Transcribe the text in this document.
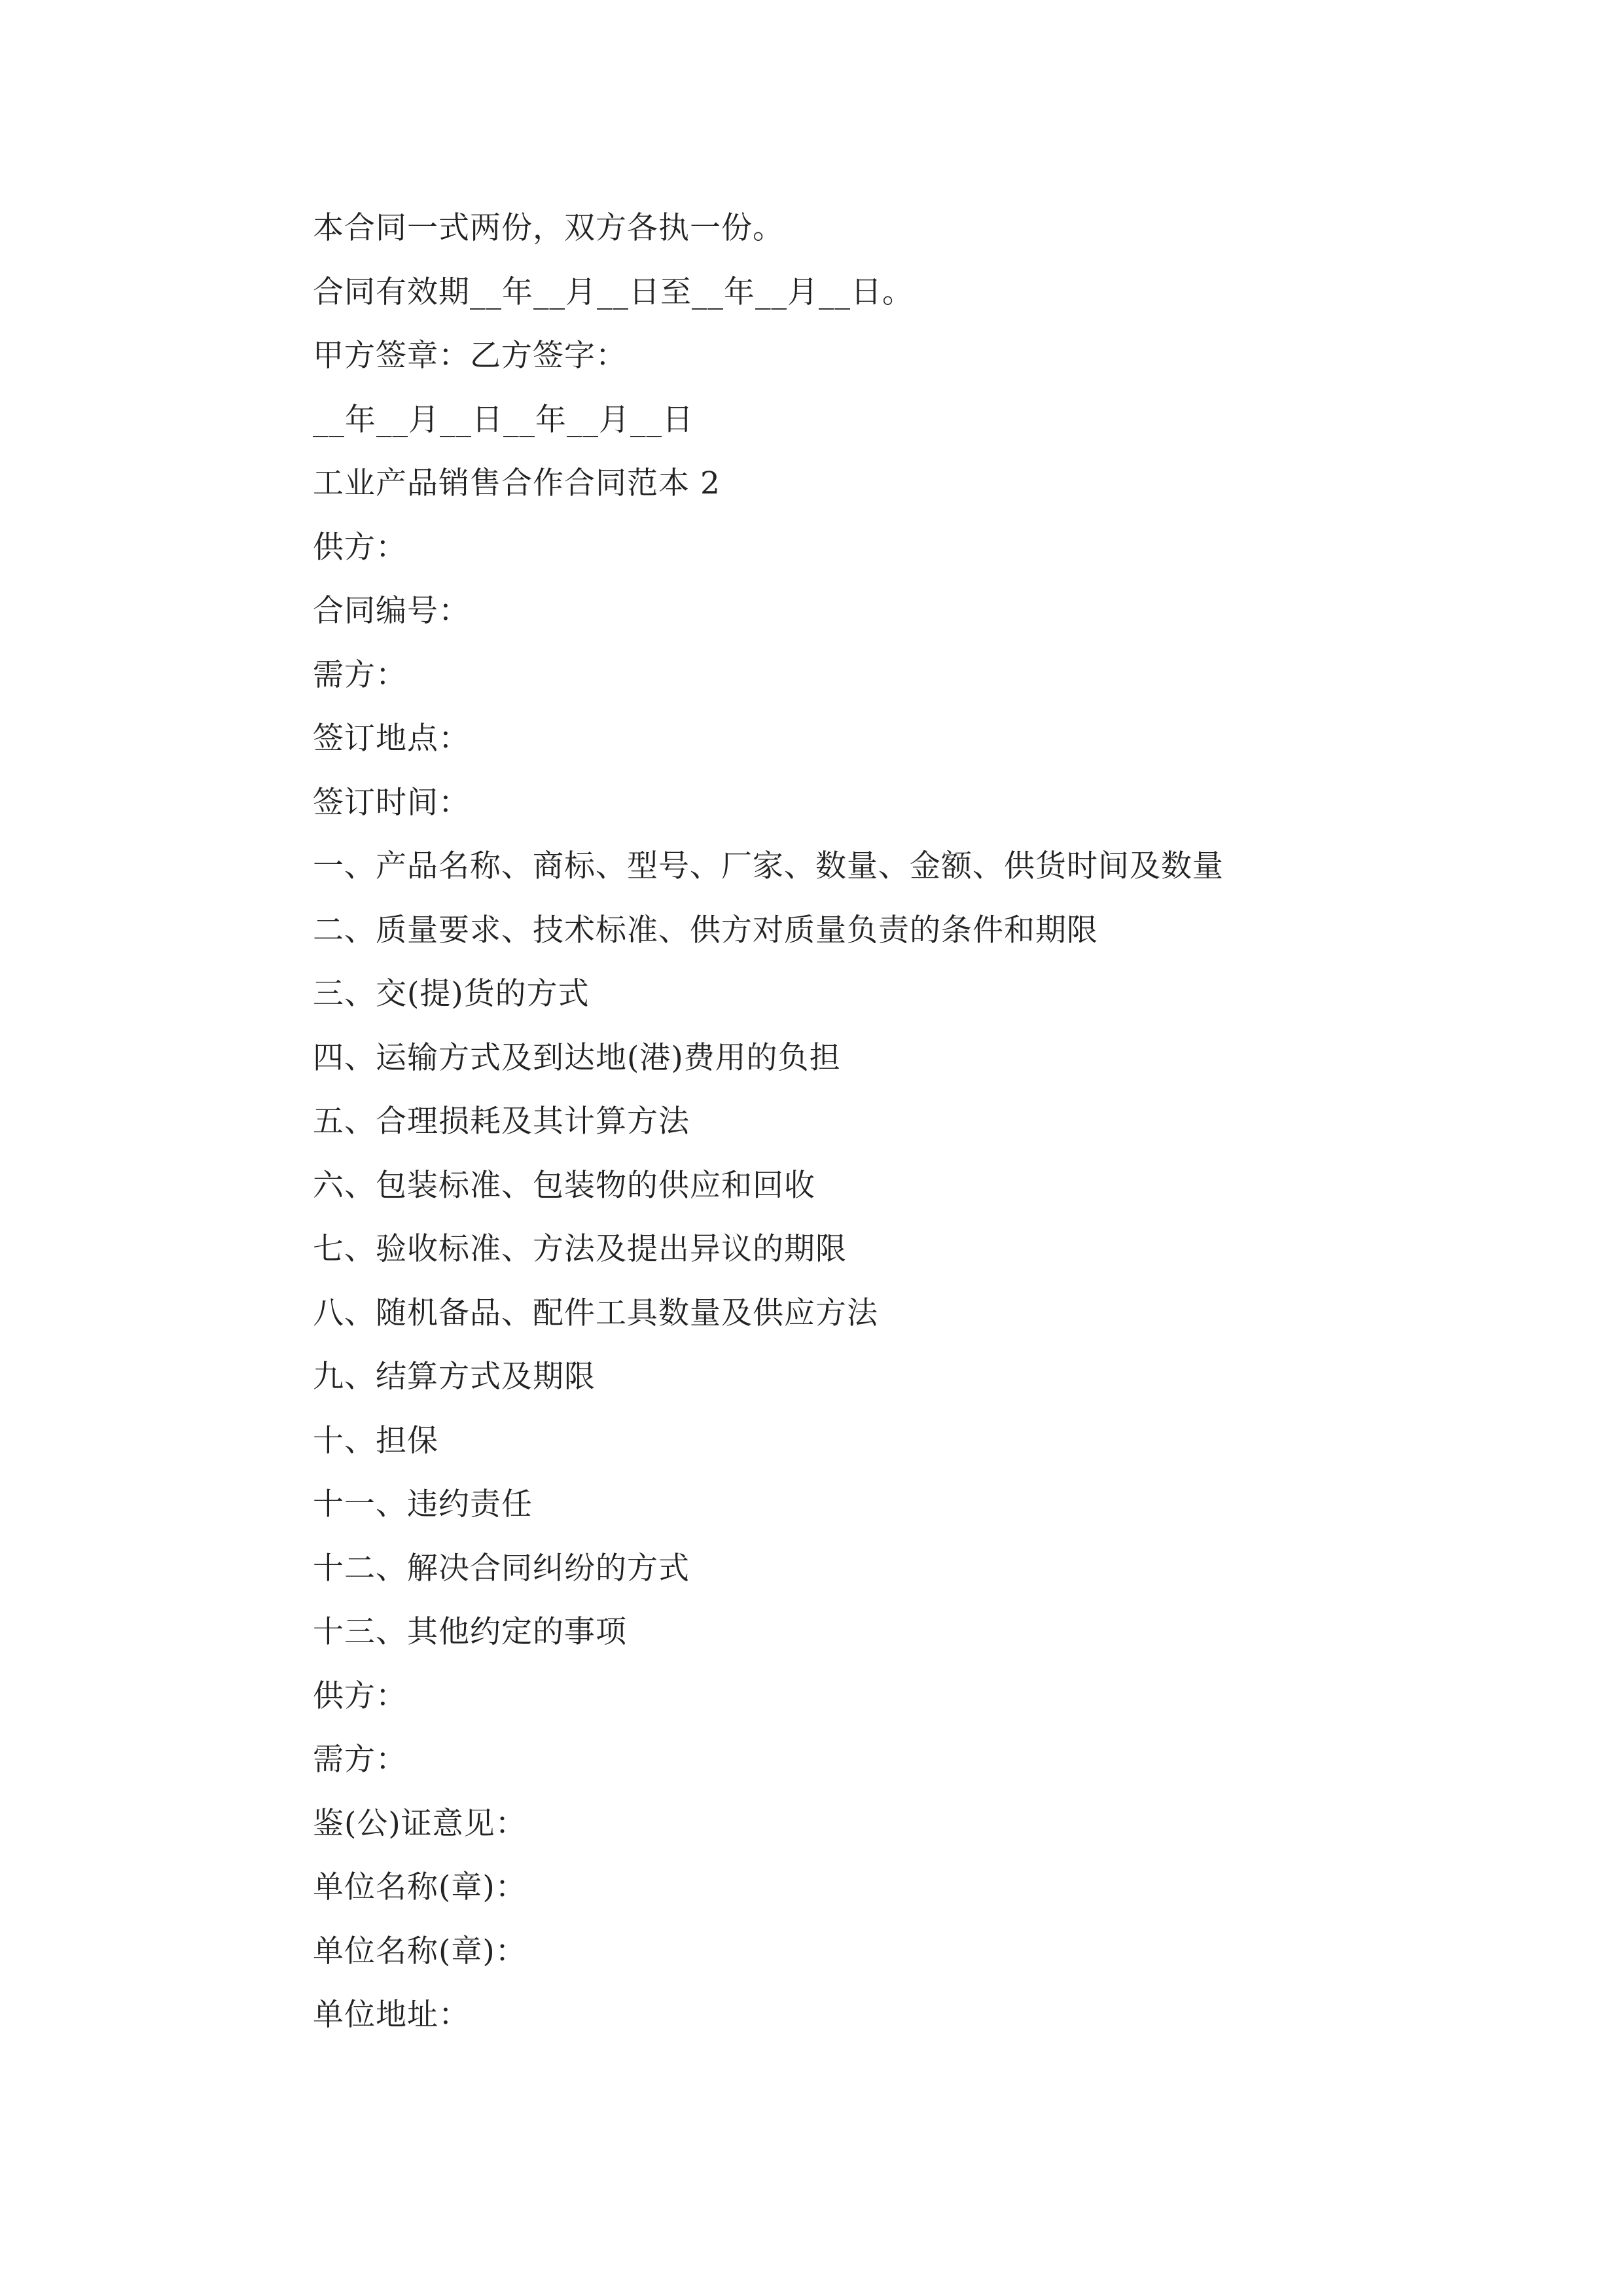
本合同一式两份，双方各执一份。
合同有效期__年__月__日至__年__月__日。
甲方签章：乙方签字：
__年__月__日__年__月__日
工业产品销售合作合同范本 2
供方：
合同编号：
需方：
签订地点：
签订时间：
一、产品名称、商标、型号、厂家、数量、金额、供货时间及数量
二、质量要求、技术标准、供方对质量负责的条件和期限
三、交(提)货的方式
四、运输方式及到达地(港)费用的负担
五、合理损耗及其计算方法
六、包装标准、包装物的供应和回收
七、验收标准、方法及提出异议的期限
八、随机备品、配件工具数量及供应方法
九、结算方式及期限
十、担保
十一、违约责任
十二、解决合同纠纷的方式
十三、其他约定的事项
供方：
需方：
鉴(公)证意见：
单位名称(章)：
单位名称(章)：
单位地址：
